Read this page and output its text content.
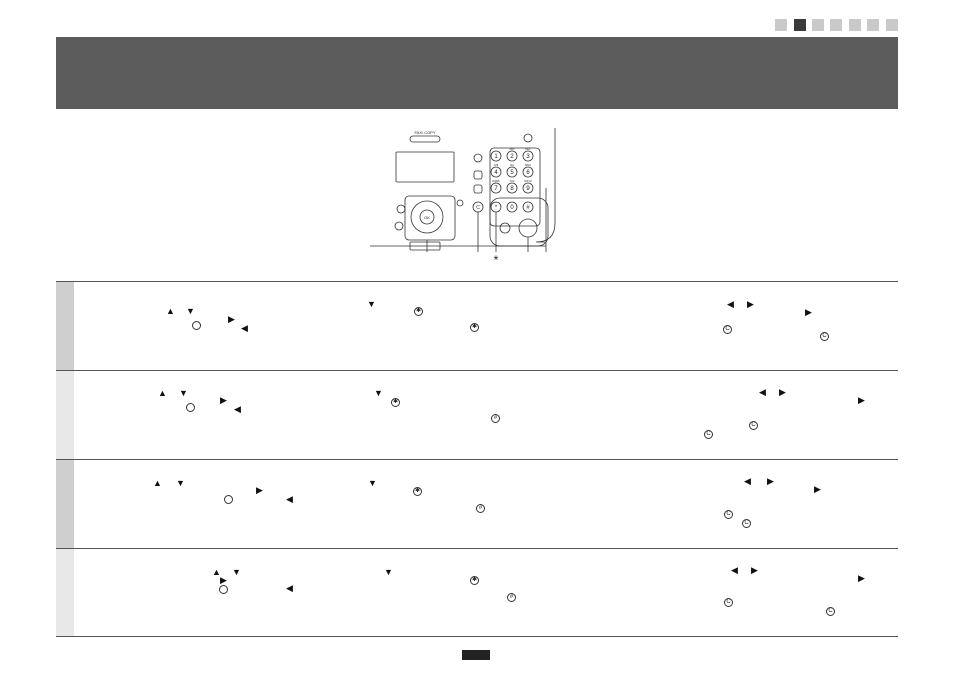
FAX/ COPY
OK
C
1 2 3
4 5 6
7 8 9
* 0 #
ABC	DEF
GHI	JKL	MNO
PQRS	TUV	WXYZ
*
▲ ▼
▶
◀
▼
✱
✱
◀ ▶
▶
C
C
▲ ▼
▶
◀
▼
✱
#
◀ ▶
▶
C
C
▲ ▼
▶
◀
▼
✱
#
◀ ▶
▶
C
C
▲ ▼
▶
◀
▼
✱
#
◀ ▶
▶
C
C
